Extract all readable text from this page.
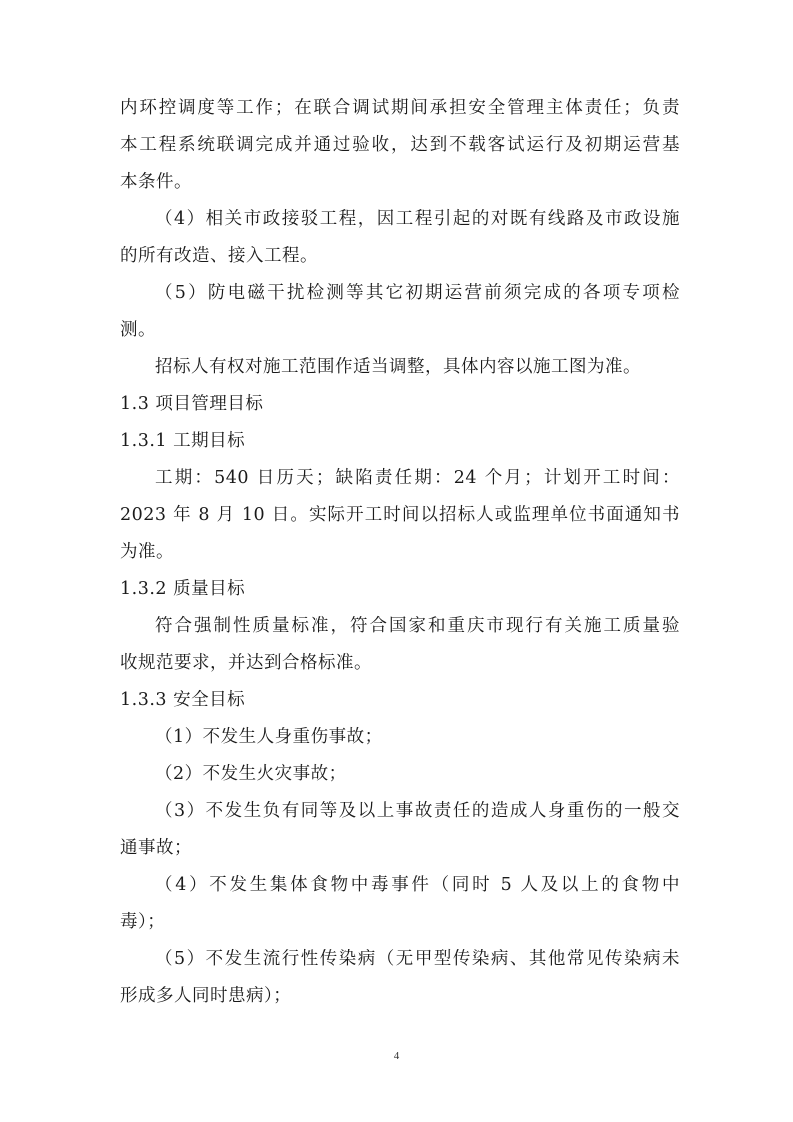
内环控调度等工作；在联合调试期间承担安全管理主体责任；负责
本工程系统联调完成并通过验收，达到不载客试运行及初期运营基
本条件。
（4）相关市政接驳工程，因工程引起的对既有线路及市政设施
的所有改造、接入工程。
（5）防电磁干扰检测等其它初期运营前须完成的各项专项检
测。
招标人有权对施工范围作适当调整，具体内容以施工图为准。
1.3 项目管理目标
1.3.1 工期目标
工期：540 日历天；缺陷责任期：24 个月；计划开工时间：
2023 年 8 月 10 日。实际开工时间以招标人或监理单位书面通知书
为准。
1.3.2 质量目标
符合强制性质量标准，符合国家和重庆市现行有关施工质量验
收规范要求，并达到合格标准。
1.3.3 安全目标
（1）不发生人身重伤事故；
（2）不发生火灾事故；
（3）不发生负有同等及以上事故责任的造成人身重伤的一般交
通事故；
（4）不发生集体食物中毒事件（同时 5 人及以上的食物中
毒）；
（5）不发生流行性传染病（无甲型传染病、其他常见传染病未
形成多人同时患病）；
4
